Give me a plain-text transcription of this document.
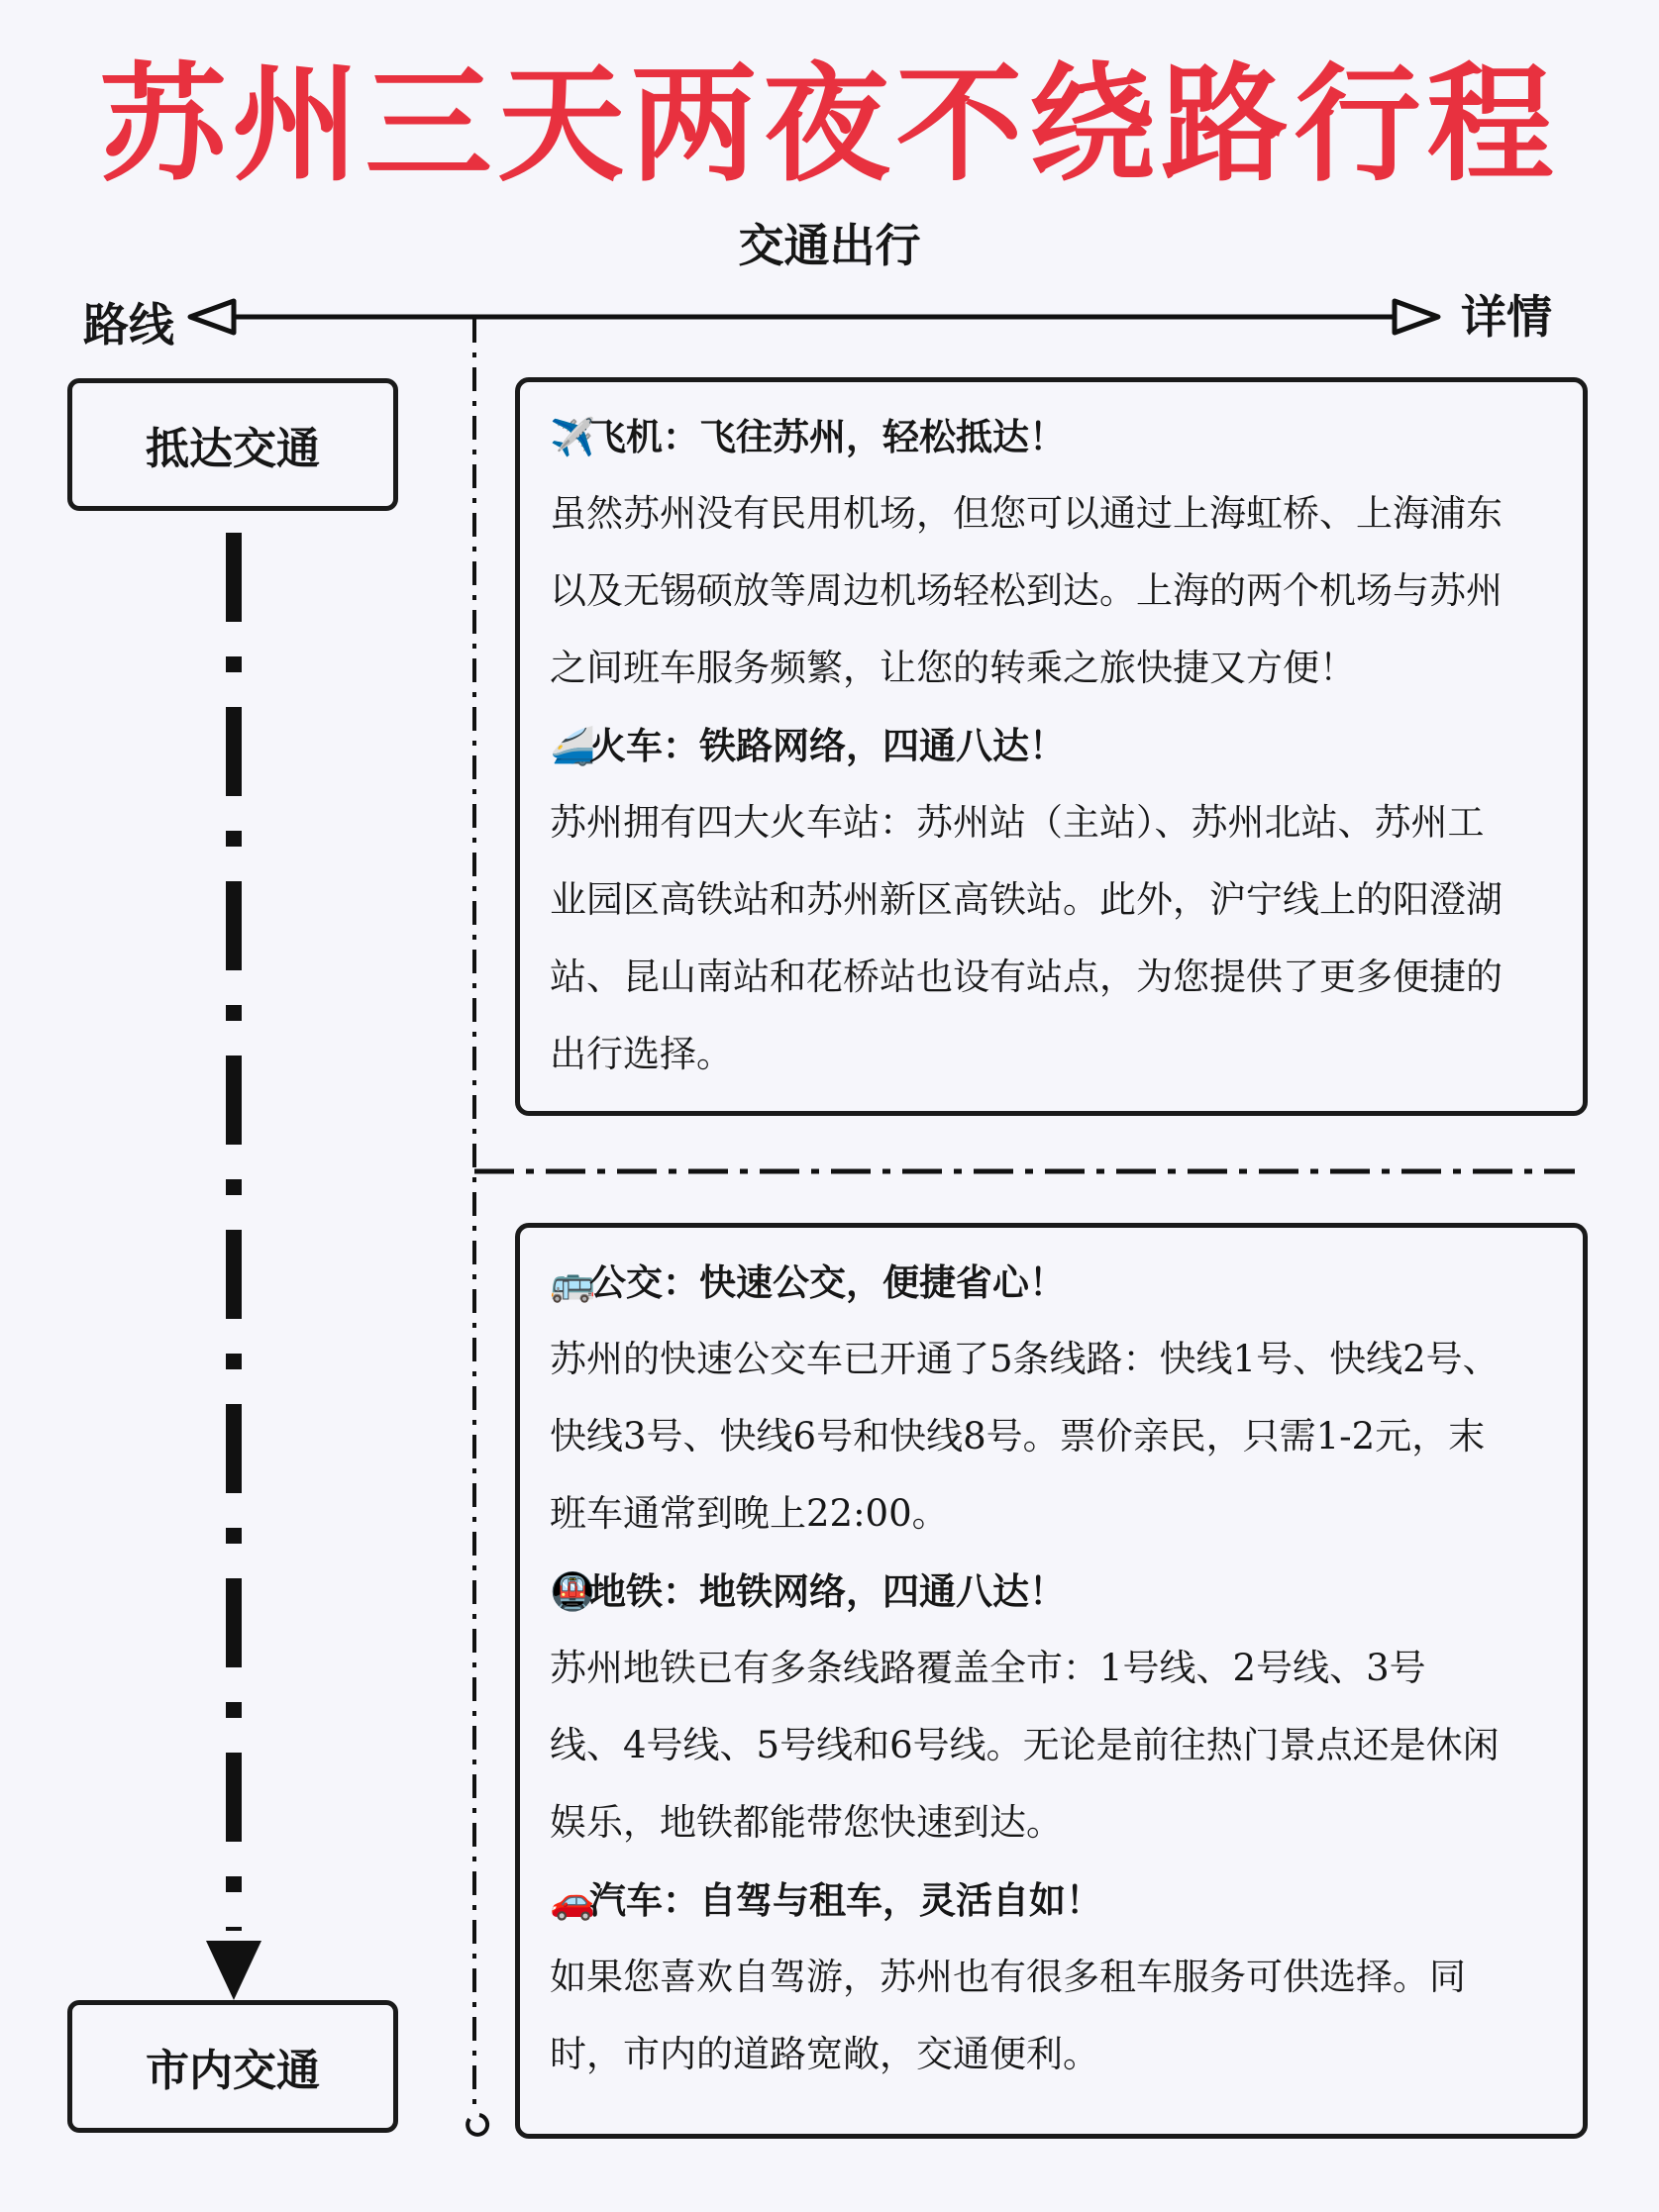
苏州三天两夜不绕路行程
交通出行
路线	详情
抵达交通
市内交通
✈️飞机：飞往苏州，轻松抵达！
虽然苏州没有民用机场，但您可以通过上海虹桥、上海浦东
以及无锡硕放等周边机场轻松到达。上海的两个机场与苏州
之间班车服务频繁，让您的转乘之旅快捷又方便！
🚄火车：铁路网络，四通八达！
苏州拥有四大火车站：苏州站（主站）、苏州北站、苏州工
业园区高铁站和苏州新区高铁站。此外，沪宁线上的阳澄湖
站、昆山南站和花桥站也设有站点，为您提供了更多便捷的
出行选择。
🚌公交：快速公交，便捷省心！
苏州的快速公交车已开通了5条线路：快线1号、快线2号、
快线3号、快线6号和快线8号。票价亲民，只需1-2元，末
班车通常到晚上22:00。
🚇地铁：地铁网络，四通八达！
苏州地铁已有多条线路覆盖全市：1号线、2号线、3号
线、4号线、5号线和6号线。无论是前往热门景点还是休闲
娱乐，地铁都能带您快速到达。
🚗汽车：自驾与租车，灵活自如！
如果您喜欢自驾游，苏州也有很多租车服务可供选择。同
时，市内的道路宽敞，交通便利。
